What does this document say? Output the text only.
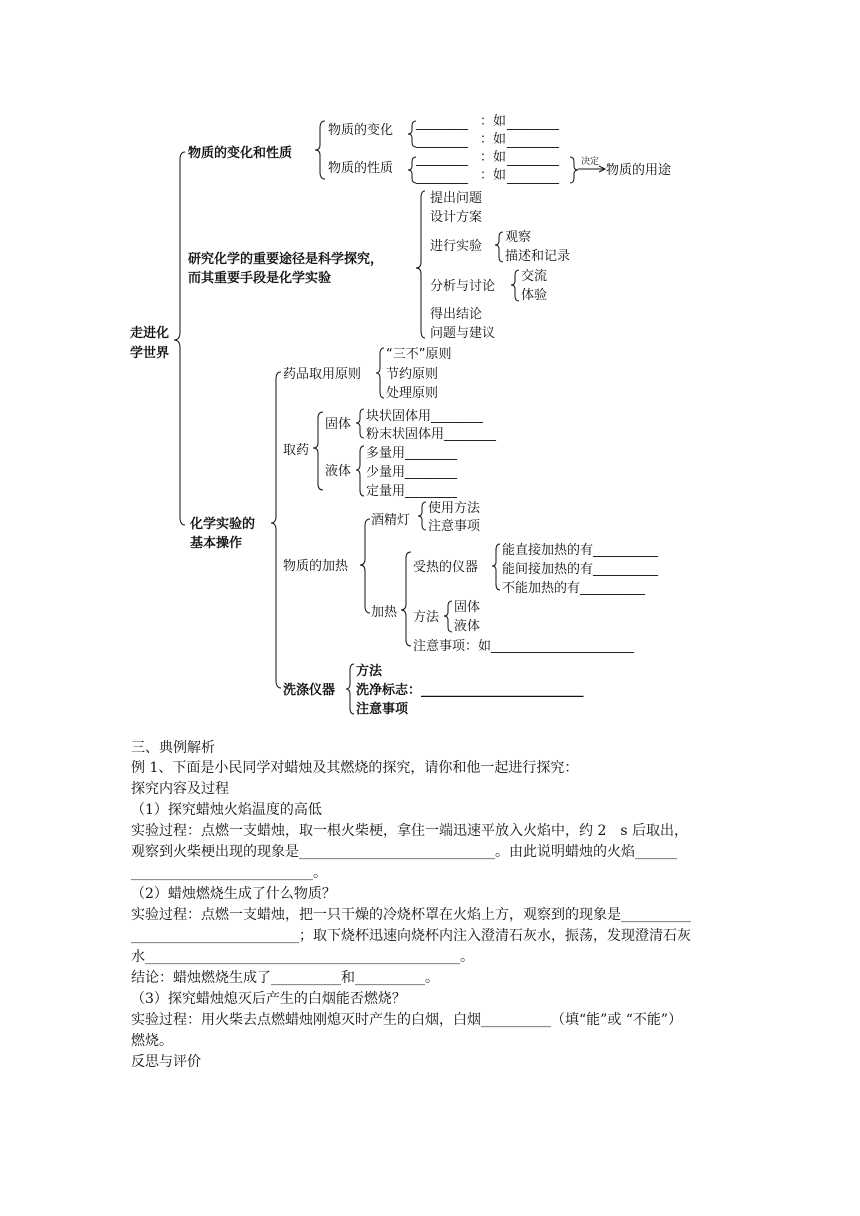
走进化
学世界
物质的变化和性质
物质的变化
物质的性质
________ ：如 ________
________ ：如 ________
________ ：如 ________
________ ：如 ________
决定
物质的用途
研究化学的重要途径是科学探究，
而其重要手段是化学实验
提出问题
设计方案
进行实验
观察
描述和记录
分析与讨论
交流
体验
得出结论
问题与建议
化学实验的
基本操作
药品取用原则
“三不”原则
节约原则
处理原则
取药
固体
块状固体用________
粉末状固体用________
液体
多量用________
少量用________
定量用________
物质的加热
酒精灯
使用方法
注意事项
加热
受热的仪器
能直接加热的有__________
能间接加热的有__________
不能加热的有__________
方法
固体
液体
注意事项：如______________________
洗涤仪器
方法
洗净标志：_________________________
注意事项
三、典例解析

例 1、下面是小民同学对蜡烛及其燃烧的探究，请你和他一起进行探究：

探究内容及过程

（1）探究蜡烛火焰温度的高低

实验过程：点燃一支蜡烛，取一根火柴梗，拿住一端迅速平放入火焰中，约 2　s 后取出，

观察到火柴梗出现的现象是____________________________。由此说明蜡烛的火焰______

__________________________。

（2）蜡烛燃烧生成了什么物质？

实验过程：点燃一支蜡烛，把一只干燥的冷烧杯罩在火焰上方，观察到的现象是__________

________________________；取下烧杯迅速向烧杯内注入澄清石灰水，振荡，发现澄清石灰

水_____________________________________________。

结论：蜡烛燃烧生成了__________和__________。

（3）探究蜡烛熄灭后产生的白烟能否燃烧？

实验过程：用火柴去点燃蜡烛刚熄灭时产生的白烟，白烟__________（填“能”或 “不能”）

燃烧。

反思与评价
